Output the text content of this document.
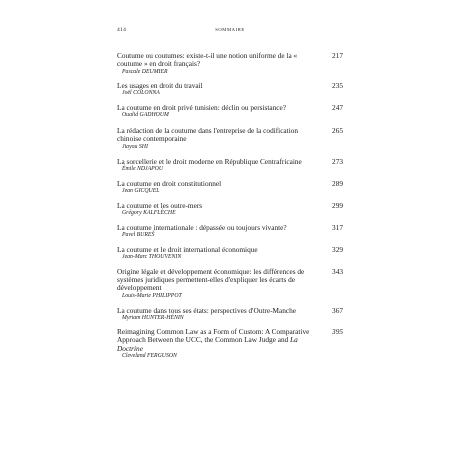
414	SOMMAIRE
Coutume ou coutumes: existe-t-il une notion uniforme de la « coutume » en droit français?
Pascale DEUMIER
217
Les usages en droit du travail
Joël COLONNA
235
La coutume en droit privé tunisien: déclin ou persistance?
Oualid GADHOUM
247
La rédaction de la coutume dans l'entreprise de la codification chinoise contemporaine
Jiayou SHI
265
La sorcellerie et le droit moderne en République Centrafricaine
Émile NDJAPOU
273
La coutume en droit constitutionnel
Jean GICQUEL
289
La coutume et les outre-mers
Grégory KALFLÈCHE
299
La coutume internationale : dépassée ou toujours vivante?
Pavel BUREŠ
317
La coutume et le droit international économique
Jean-Marc THOUVENIN
329
Origine légale et développement économique: les différences de systèmes juridiques permettent-elles d'expliquer les écarts de développement
Louis-Marie PHILIPPOT
343
La coutume dans tous ses états: perspectives d'Outre-Manche
Myriam HUNTER-HÉNIN
367
Reimagining Common Law as a Form of Custom: A Comparative Approach Between the UCC, the Common Law Judge and La Doctrine
Cleveland FERGUSON
395
